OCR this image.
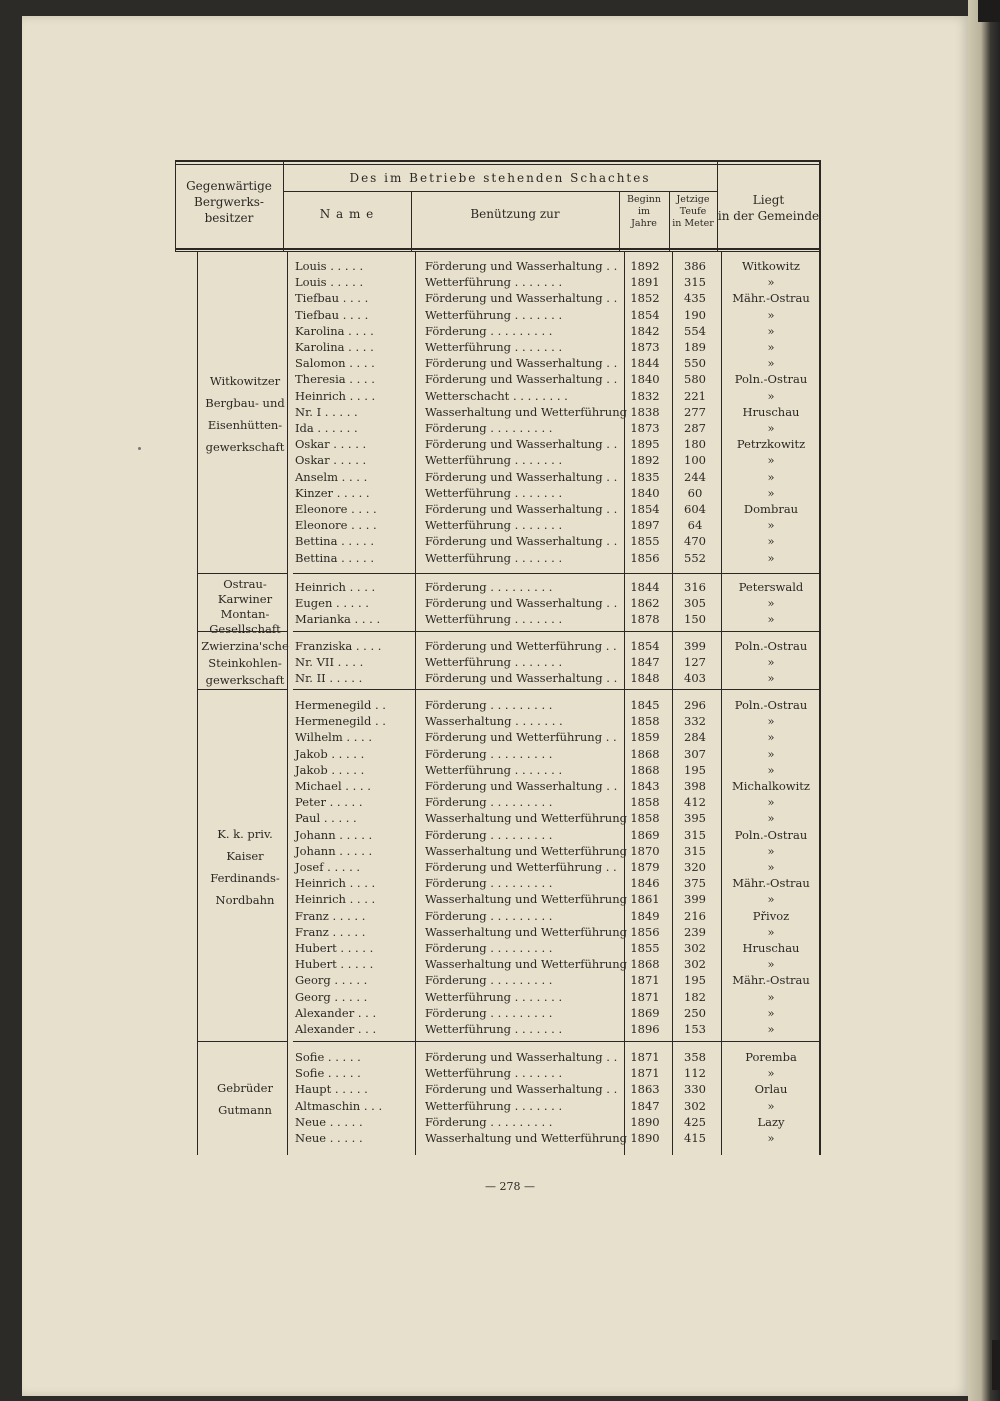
Gegenwärtige
Bergwerks-
besitzer
Des im Betriebe stehenden Schachtes
N a m e	Benützung zur
Beginn
im
Jahre
Jetzige
Teufe
in Meter
Liegt
in der Gemeinde
Witkowitzer
Bergbau- und
Eisenhütten-
gewerkschaft
Louis . . . . .	Förderung und Wasserhaltung . .	1892	386	Witkowitz
Louis . . . . .	Wetterführung . . . . . . .	1891	315	»
Tiefbau . . . .	Förderung und Wasserhaltung . .	1852	435	Mähr.-Ostrau
Tiefbau . . . .	Wetterführung . . . . . . .	1854	190	»
Karolina . . . .	Förderung . . . . . . . . .	1842	554	»
Karolina . . . .	Wetterführung . . . . . . .	1873	189	»
Salomon . . . .	Förderung und Wasserhaltung . .	1844	550	»
Theresia . . . .	Förderung und Wasserhaltung . .	1840	580	Poln.-Ostrau
Heinrich . . . .	Wetterschacht . . . . . . . .	1832	221	»
Nr. I . . . . .	Wasserhaltung und Wetterführung 1838	277	Hruschau
Ida . . . . . .	Förderung . . . . . . . . .	1873	287	»
Oskar . . . . .	Förderung und Wasserhaltung . .	1895	180	Petrzkowitz
Oskar . . . . .	Wetterführung . . . . . . .	1892	100	»
Anselm . . . .	Förderung und Wasserhaltung . .	1835	244	»
Kinzer . . . . .	Wetterführung . . . . . . .	1840	60	»
Eleonore . . . .	Förderung und Wasserhaltung . .	1854	604	Dombrau
Eleonore . . . .	Wetterführung . . . . . . .	1897	64	»
Bettina . . . . .	Förderung und Wasserhaltung . .	1855	470	»
Bettina . . . . .	Wetterführung . . . . . . .	1856	552	»
Ostrau-
Karwiner
Montan-
Gesellschaft
Heinrich . . . .	Förderung . . . . . . . . .	1844	316	Peterswald
Eugen . . . . .	Förderung und Wasserhaltung . .	1862	305	»
Marianka . . . .	Wetterführung . . . . . . .	1878	150	»
Zwierzina'sche
Steinkohlen-
gewerkschaft
Franziska . . . .	Förderung und Wetterführung . .	1854	399	Poln.-Ostrau
Nr. VII . . . .	Wetterführung . . . . . . .	1847	127	»
Nr. II . . . . .	Förderung und Wasserhaltung . .	1848	403	»
K. k. priv.
Kaiser
Ferdinands-
Nordbahn
Hermenegild . .	Förderung . . . . . . . . .	1845	296	Poln.-Ostrau
Hermenegild . .	Wasserhaltung . . . . . . .	1858	332	»
Wilhelm . . . .	Förderung und Wetterführung . .	1859	284	»
Jakob . . . . .	Förderung . . . . . . . . .	1868	307	»
Jakob . . . . .	Wetterführung . . . . . . .	1868	195	»
Michael . . . .	Förderung und Wasserhaltung . .	1843	398	Michalkowitz
Peter . . . . .	Förderung . . . . . . . . .	1858	412	»
Paul . . . . .	Wasserhaltung und Wetterführung 1858	395	»
Johann . . . . .	Förderung . . . . . . . . .	1869	315	Poln.-Ostrau
Johann . . . . .	Wasserhaltung und Wetterführung 1870	315	»
Josef . . . . .	Förderung und Wetterführung . .	1879	320	»
Heinrich . . . .	Förderung . . . . . . . . .	1846	375	Mähr.-Ostrau
Heinrich . . . .	Wasserhaltung und Wetterführung 1861	399	»
Franz . . . . .	Förderung . . . . . . . . .	1849	216	Přivoz
Franz . . . . .	Wasserhaltung und Wetterführung 1856	239	»
Hubert . . . . .	Förderung . . . . . . . . .	1855	302	Hruschau
Hubert . . . . .	Wasserhaltung und Wetterführung 1868	302	»
Georg . . . . .	Förderung . . . . . . . . .	1871	195	Mähr.-Ostrau
Georg . . . . .	Wetterführung . . . . . . .	1871	182	»
Alexander . . .	Förderung . . . . . . . . .	1869	250	»
Alexander . . .	Wetterführung . . . . . . .	1896	153	»
Gebrüder
Gutmann
Sofie . . . . .	Förderung und Wasserhaltung . .	1871	358	Poremba
Sofie . . . . .	Wetterführung . . . . . . .	1871	112	»
Haupt . . . . .	Förderung und Wasserhaltung . .	1863	330	Orlau
Altmaschin . . .	Wetterführung . . . . . . .	1847	302	»
Neue . . . . .	Förderung . . . . . . . . .	1890	425	Lazy
Neue . . . . .	Wasserhaltung und Wetterführung 1890	415	»
— 278 —
